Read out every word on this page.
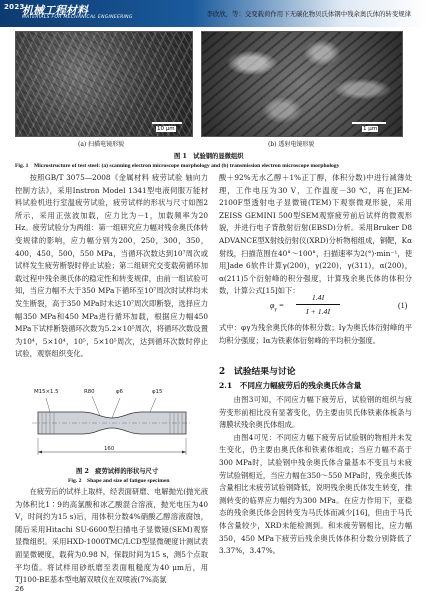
2023
机械工程材料
MATERIALS FOR MECHANICAL ENGINEERING	李欣欣，等：交变载荷作用下无碳化物贝氏体钢中残余奥氏体的转变规律
10 μm	1 μm
(a) 扫描电镜形貌	(b) 透射电镜形貌
图 1　试验钢的显微组织
Fig. 1　Microstructure of test steel: (a) scanning electron microscope morphology and (b) transmission electron microscope morphology

按照GB/T 3075—2008《金属材料 疲劳试验 轴向力控制方法》，采用Instron Model 1341型电液伺服万能材料试验机进行室温疲劳试验，疲劳试样的形状与尺寸如图2所示，采用正弦波加载，应力比为－1，加载频率为20 Hz。疲劳试验分为两组：第一组研究应力幅对残余奥氏体转变规律的影响，应力幅分别为200，250，300，350，400，450，500，550 MPa，当循环次数达到10⁷周次或试样发生疲劳断裂时停止试验；第二组研究交变载荷循环加载过程中残余奥氏体的稳定性和转变规律，由前一组试验可知，当应力幅不大于350 MPa下循环至10⁷周次时试样均未发生断裂，高于350 MPa时未达10⁷周次即断裂，选择应力幅350 MPa和450 MPa进行循环加载，根据应力幅450 MPa下试样断裂循环次数为5.2×10⁵周次，将循环次数设置为10⁴，5×10⁴，10⁵，5×10⁵周次，达到循环次数时停止试验，观察组织变化。

160
R80	φ6	φ15
M15×1.5
图 2　疲劳试样的形状与尺寸
Fig. 2　Shape and size of fatigue specimen

在疲劳后的试样上取样，经表面研磨、电解抛光(抛光液为体积比1∶9的高氯酸和冰乙酸混合溶液，抛光电压为40 V，时间约为15 s)后，用体积分数4%硝酸乙醇溶液腐蚀，随后采用Hitachi SU-6600型扫描电子显微镜(SEM)观察显微组织。采用HXD-1000TMC/LCD型显微硬度计测试表面显微硬度，载荷为0.98 N，保载时间为15 s，测5个点取平均值。将试样用砂纸磨至表面粗糙度为40 μm后，用TJ100-BE基本型电解双喷仪在双喷液(7%高氯

酸＋92%无水乙醇＋1%正丁醇，体积分数)中进行减薄处理，工作电压为30 V，工作温度－30 ℃，再在JEM-2100F型透射电子显微镜(TEM)下观察微观形貌，采用ZEISS GEMINI 500型SEM观察疲劳前后试样的微观形貌，并进行电子背散射衍射(EBSD)分析。采用Bruker D8 ADVANCE型X射线衍射仪(XRD)分析物相组成，铜靶，Kα射线，扫描范围在40°～100°，扫描速率为2(°)·min⁻¹，使用Jade 6软件计算γ(200)，γ(220)，γ(311)，α(200)，α(211)5个衍射峰的积分强度，计算残余奥氏体的体积分数，计算公式[15]如下：

$\varphi_\gamma$ =
1.4I
I + 1.4I
(1)

式中：φγ为残余奥氏体的体积分数；Iγ为奥氏体衍射峰的平均积分强度；Iα为铁素体衍射峰的平均积分强度。

2　试验结果与讨论
2.1　不同应力幅疲劳后的残余奥氏体含量

由图3可知，不同应力幅下疲劳后，试验钢的组织与疲劳变形前相比没有显著变化，仍主要由贝氏体铁素体板条与薄膜状残余奥氏体组成。

由图4可见：不同应力幅下疲劳后试验钢的物相并未发生变化，仍主要由奥氏体和铁素体组成；当应力幅不高于300 MPa时，试验钢中残余奥氏体含量基本不变且与未疲劳试验钢相近，当应力幅在350～550 MPa时，残余奥氏体含量相比未疲劳试验钢降低，说明残余奥氏体发生转变，推测转变的临界应力幅约为300 MPa。在应力作用下，亚稳态的残余奥氏体会因转变为马氏体而减少[16]，但由于马氏体含量较少，XRD未能检测到。和未疲劳钢相比，应力幅350，450 MPa下疲劳后残余奥氏体体积分数分别降低了3.37%，3.47%。

26
